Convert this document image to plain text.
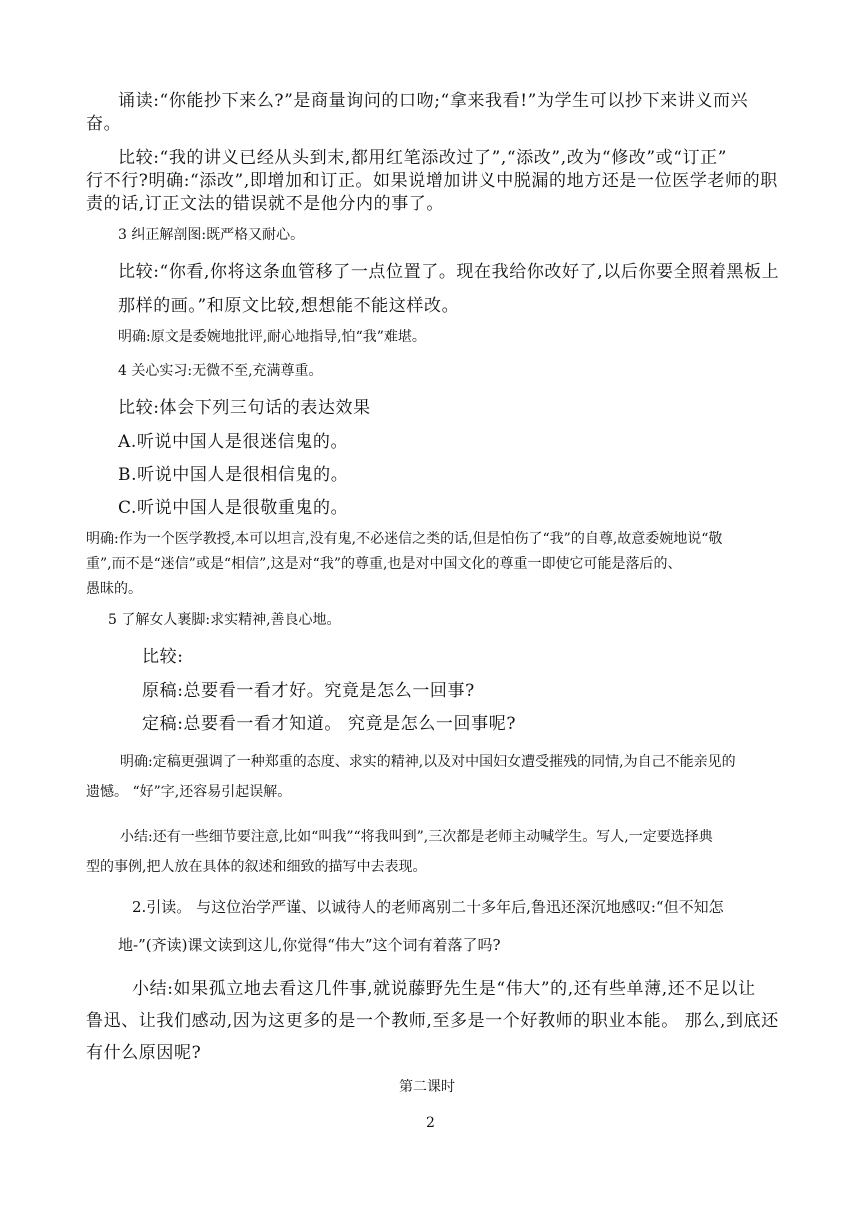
诵读:“你能抄下来么?”是商量询问的口吻;“拿来我看!”为学生可以抄下来讲义而兴

奋。

比较:“我的讲义已经从头到末,都用红笔添改过了”,“添改”,改为“修改”或“订正”

行不行?明确:“添改”,即增加和订正。如果说增加讲义中脱漏的地方还是一位医学老师的职

责的话,订正文法的错误就不是他分内的事了。

3 纠正解剖图:既严格又耐心。

比较:“你看,你将这条血管移了一点位置了。现在我给你改好了,以后你要全照着黑板上

那样的画。”和原文比较,想想能不能这样改。

明确:原文是委婉地批评,耐心地指导,怕“我”难堪。

4 关心实习:无微不至,充满尊重。

比较:体会下列三句话的表达效果

A.听说中国人是很迷信鬼的。

B.听说中国人是很相信鬼的。

C.听说中国人是很敬重鬼的。

明确:作为一个医学教授,本可以坦言,没有鬼,不必迷信之类的话,但是怕伤了“我”的自尊,故意委婉地说“敬

重”,而不是“迷信”或是“相信”,这是对“我”的尊重,也是对中国文化的尊重一即使它可能是落后的、

愚昧的。

5 了解女人裹脚:求实精神,善良心地。

比较:

原稿:总要看一看才好。究竟是怎么一回事?

定稿:总要看一看才知道。 究竟是怎么一回事呢?

明确:定稿更强调了一种郑重的态度、求实的精神,以及对中国妇女遭受摧残的同情,为自己不能亲见的

遗憾。 “好”字,还容易引起误解。

小结:还有一些细节要注意,比如“叫我”“将我叫到”,三次都是老师主动喊学生。写人,一定要选择典

型的事例,把人放在具体的叙述和细致的描写中去表现。

2.引读。 与这位治学严谨、以诚待人的老师离别二十多年后,鲁迅还深沉地感叹:“但不知怎

地-”(齐读)课文读到这儿,你觉得“伟大”这个词有着落了吗?

小结:如果孤立地去看这几件事,就说藤野先生是“伟大”的,还有些单薄,还不足以让

鲁迅、让我们感动,因为这更多的是一个教师,至多是一个好教师的职业本能。 那么,到底还

有什么原因呢?

第二课时

2
